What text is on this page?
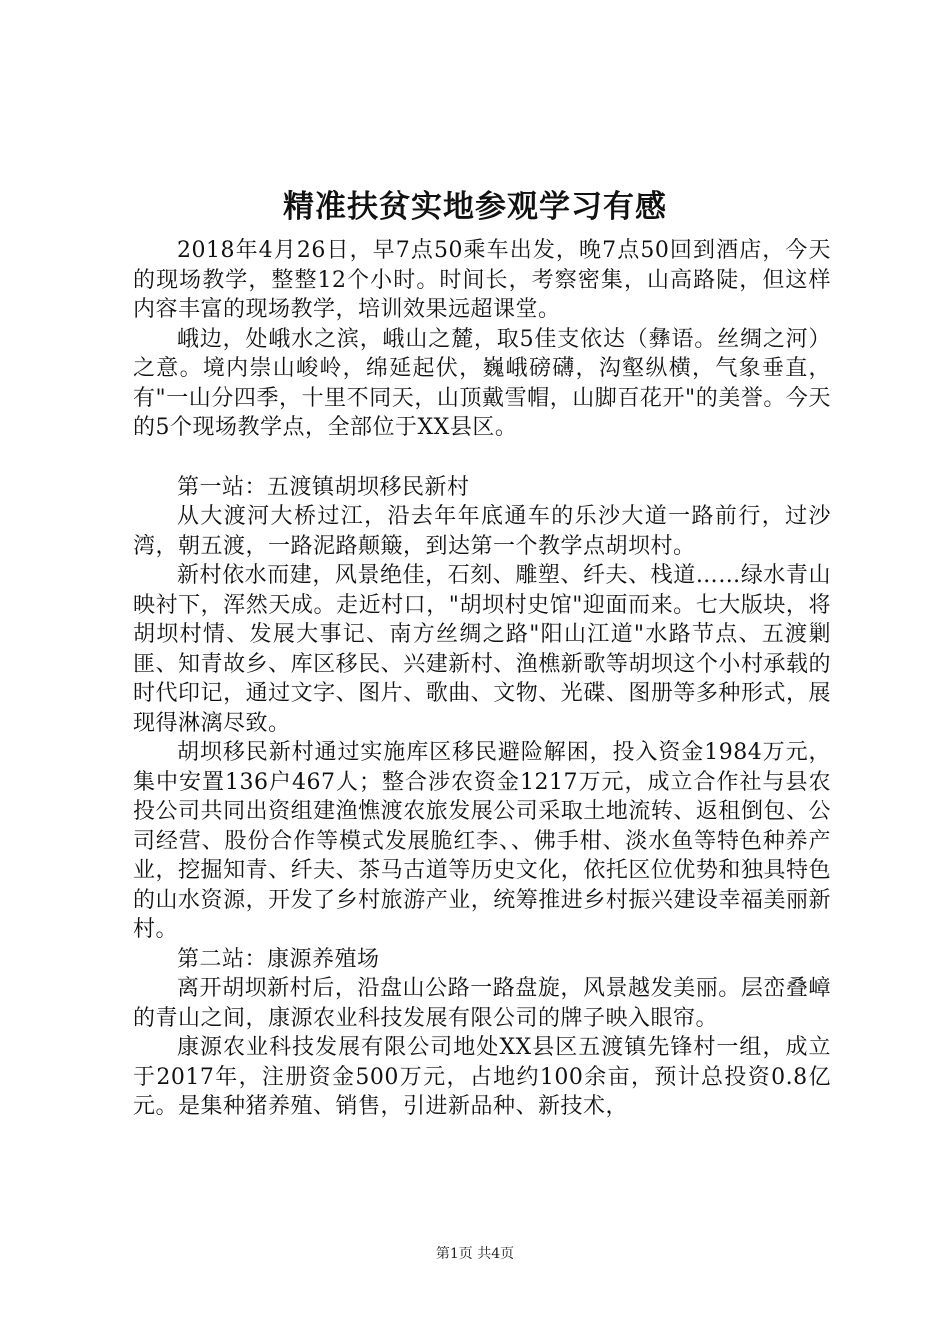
精准扶贫实地参观学习有感

2018年4月26日，早7点50乘车出发，晚7点50回到酒店，今天的现场教学，整整12个小时。时间长，考察密集，山高路陡，但这样内容丰富的现场教学，培训效果远超课堂。

峨边，处峨水之滨，峨山之麓，取5佳支依达（彝语。丝绸之河）之意。境内崇山峻岭，绵延起伏，巍峨磅礴，沟壑纵横，气象垂直，有"一山分四季，十里不同天，山顶戴雪帽，山脚百花开"的美誉。今天的5个现场教学点，全部位于XX县区。

第一站：五渡镇胡坝移民新村

从大渡河大桥过江，沿去年年底通车的乐沙大道一路前行，过沙湾，朝五渡，一路泥路颠簸，到达第一个教学点胡坝村。

新村依水而建，风景绝佳，石刻、雕塑、纤夫、栈道……绿水青山映衬下，浑然天成。走近村口，"胡坝村史馆"迎面而来。七大版块，将胡坝村情、发展大事记、南方丝绸之路"阳山江道"水路节点、五渡剿匪、知青故乡、库区移民、兴建新村、渔樵新歌等胡坝这个小村承载的时代印记，通过文字、图片、歌曲、文物、光碟、图册等多种形式，展现得淋漓尽致。

胡坝移民新村通过实施库区移民避险解困，投入资金1984万元，集中安置136户467人；整合涉农资金1217万元，成立合作社与县农投公司共同出资组建渔憔渡农旅发展公司采取土地流转、返租倒包、公司经营、股份合作等模式发展脆红李、、佛手柑、淡水鱼等特色种养产业，挖掘知青、纤夫、茶马古道等历史文化，依托区位优势和独具特色的山水资源，开发了乡村旅游产业，统筹推进乡村振兴建设幸福美丽新村。

第二站：康源养殖场

离开胡坝新村后，沿盘山公路一路盘旋，风景越发美丽。层峦叠嶂的青山之间，康源农业科技发展有限公司的牌子映入眼帘。

康源农业科技发展有限公司地处XX县区五渡镇先锋村一组，成立于2017年，注册资金500万元，占地约100余亩，预计总投资0.8亿元。是集种猪养殖、销售，引进新品种、新技术，

第1页 共4页
